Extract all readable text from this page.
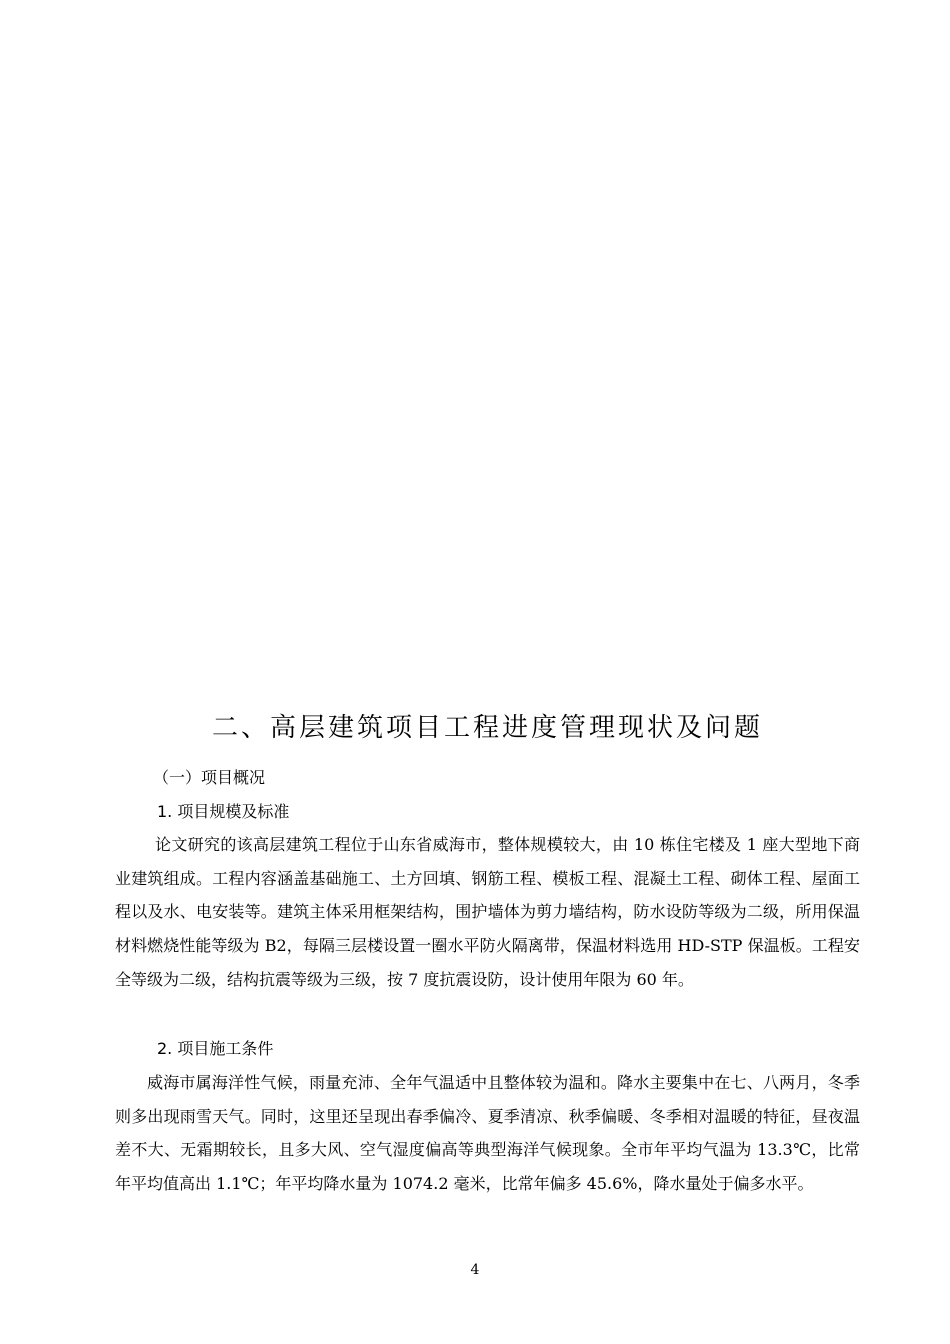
二、高层建筑项目工程进度管理现状及问题

（一）项目概况

1. 项目规模及标准

论文研究的该高层建筑工程位于山东省威海市，整体规模较大，由 10 栋住宅楼及 1 座大型地下商业建筑组成。工程内容涵盖基础施工、土方回填、钢筋工程、模板工程、混凝土工程、砌体工程、屋面工程以及水、电安装等。建筑主体采用框架结构，围护墙体为剪力墙结构，防水设防等级为二级，所用保温材料燃烧性能等级为 B2，每隔三层楼设置一圈水平防火隔离带，保温材料选用 HD-STP 保温板。工程安全等级为二级，结构抗震等级为三级，按 7 度抗震设防，设计使用年限为 60 年。

2. 项目施工条件

威海市属海洋性气候，雨量充沛、全年气温适中且整体较为温和。降水主要集中在七、八两月，冬季则多出现雨雪天气。同时，这里还呈现出春季偏冷、夏季清凉、秋季偏暖、冬季相对温暖的特征，昼夜温差不大、无霜期较长，且多大风、空气湿度偏高等典型海洋气候现象。全市年平均气温为 13.3℃，比常年平均值高出 1.1℃；年平均降水量为 1074.2 毫米，比常年偏多 45.6%，降水量处于偏多水平。

4
